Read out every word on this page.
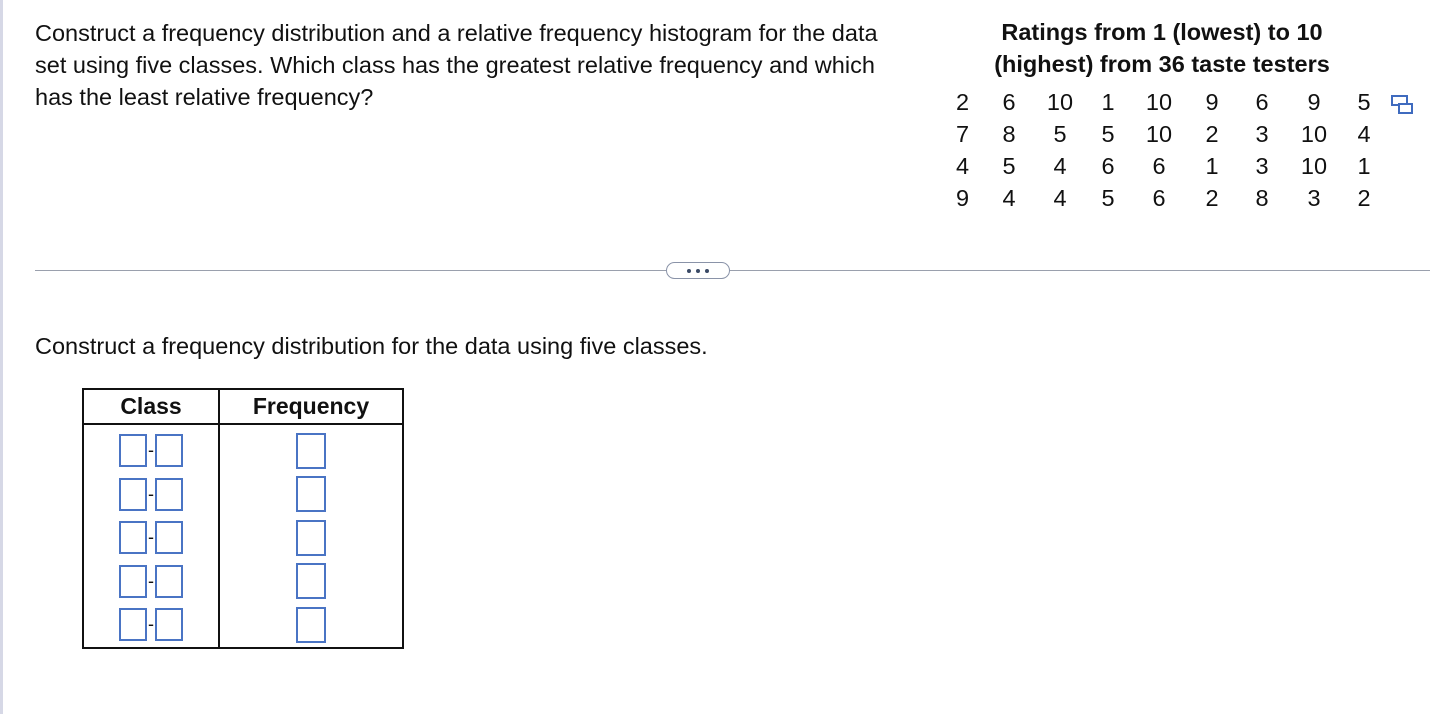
Construct a frequency distribution and a relative frequency histogram for the data set using five classes. Which class has the greatest relative frequency and which has the least relative frequency?
Ratings from 1 (lowest) to 10
(highest) from 36 taste testers
2	6	10	1	10	9	6	9	5
7	8	5	5	10	2	3	10	4
4	5	4	6	6	1	3	10	1
9	4	4	5	6	2	8	3	2
Construct a frequency distribution for the data using five classes.
Class	Frequency

-
-
-
-
-	
